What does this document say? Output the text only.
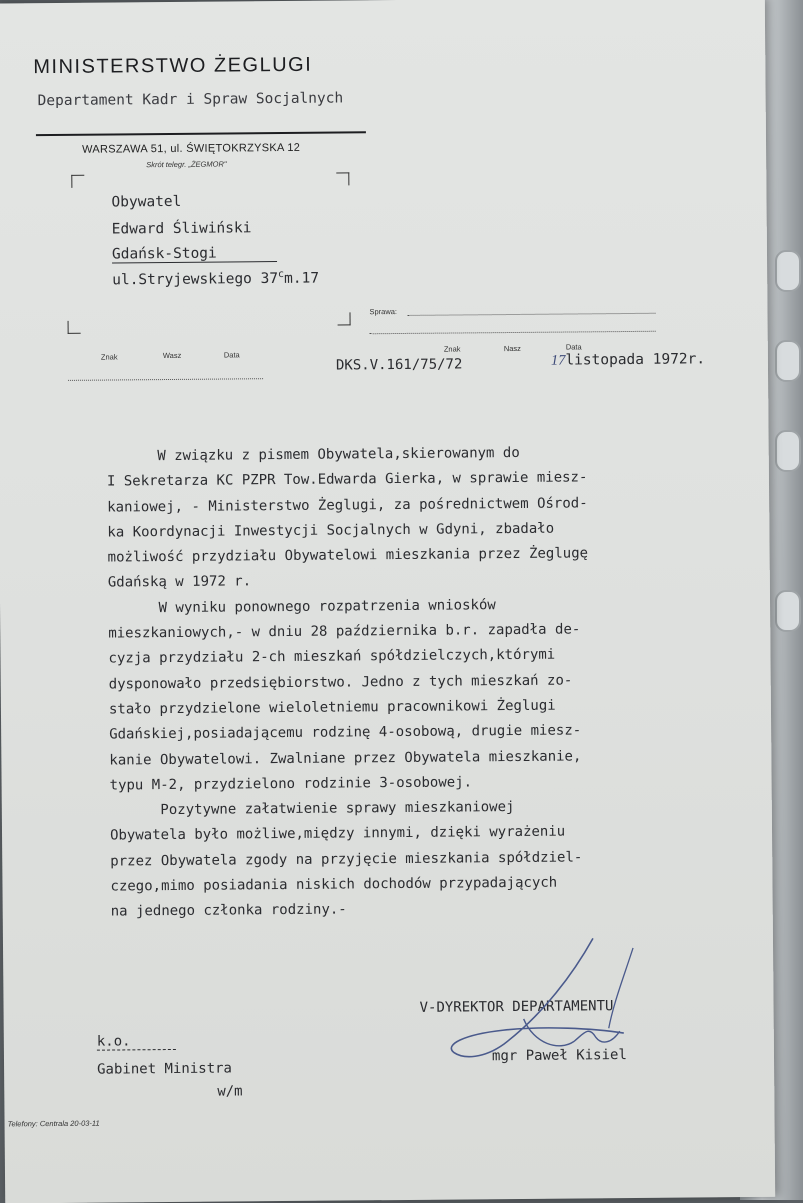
MINISTERSTWO ŻEGLUGI
Departament Kadr i Spraw Socjalnych
WARSZAWA 51, ul. ŚWIĘTOKRZYSKA 12
Skrót telegr. „ŻEGMOR"
Obywatel
Edward Śliwiński
Gdańsk-Stogi
ul.Stryjewskiego 37$^c$m.17
Sprawa:
Znak	Wasz	Data
Znak	Nasz	Data
DKS.V.161/75/72	17listopada 1972r.
W związku z pismem Obywatela,skierowanym do
I Sekretarza KC PZPR Tow.Edwarda Gierka, w sprawie miesz-
kaniowej, - Ministerstwo Żeglugi, za pośrednictwem Ośrod-
ka Koordynacji Inwestycji Socjalnych w Gdyni, zbadało
możliwość przydziału Obywatelowi mieszkania przez Żeglugę
Gdańską w 1972 r.
W wyniku ponownego rozpatrzenia wniosków
mieszkaniowych,- w dniu 28 października b.r. zapadła de-
cyzja przydziału 2-ch mieszkań spółdzielczych,którymi
dysponowało przedsiębiorstwo. Jedno z tych mieszkań zo-
stało przydzielone wieloletniemu pracownikowi Żeglugi
Gdańskiej,posiadającemu rodzinę 4-osobową, drugie miesz-
kanie Obywatelowi. Zwalniane przez Obywatela mieszkanie,
typu M-2, przydzielono rodzinie 3-osobowej.
Pozytywne załatwienie sprawy mieszkaniowej
Obywatela było możliwe,między innymi, dzięki wyrażeniu
przez Obywatela zgody na przyjęcie mieszkania spółdziel-
czego,mimo posiadania niskich dochodów przypadających
na jednego członka rodziny.-
V-DYREKTOR DEPARTAMENTU
mgr Paweł Kisiel
k.o.
Gabinet Ministra
w/m
Telefony: Centrala 20-03-11
